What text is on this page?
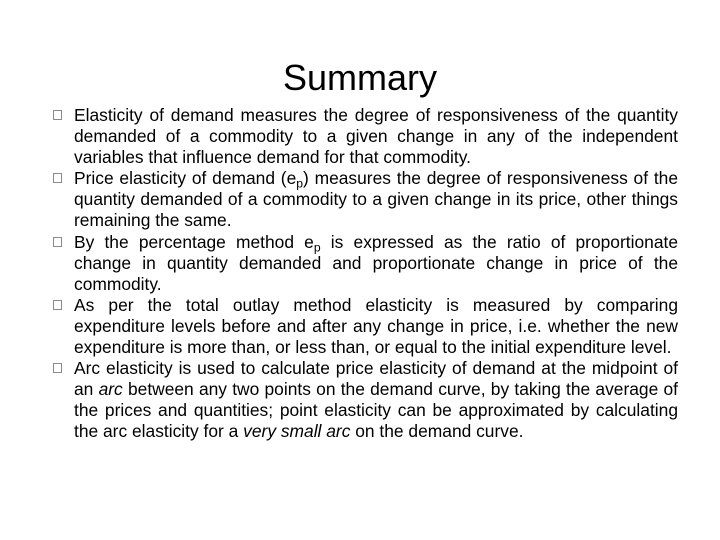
Summary
Elasticity of demand measures the degree of responsiveness of the quantity demanded of a commodity to a given change in any of the independent variables that influence demand for that commodity.
Price elasticity of demand $(e_p)$ measures the degree of responsiveness of the quantity demanded of a commodity to a given change in its price, other things remaining the same.
By the percentage method $e_p$ is expressed as the ratio of proportionate change in quantity demanded and proportionate change in price of the commodity.
As per the total outlay method elasticity is measured by comparing expenditure levels before and after any change in price, i.e. whether the new expenditure is more than, or less than, or equal to the initial expenditure level.
Arc elasticity is used to calculate price elasticity of demand at the midpoint of an arc between any two points on the demand curve, by taking the average of the prices and quantities; point elasticity can be approximated by calculating the arc elasticity for a very small arc on the demand curve.
